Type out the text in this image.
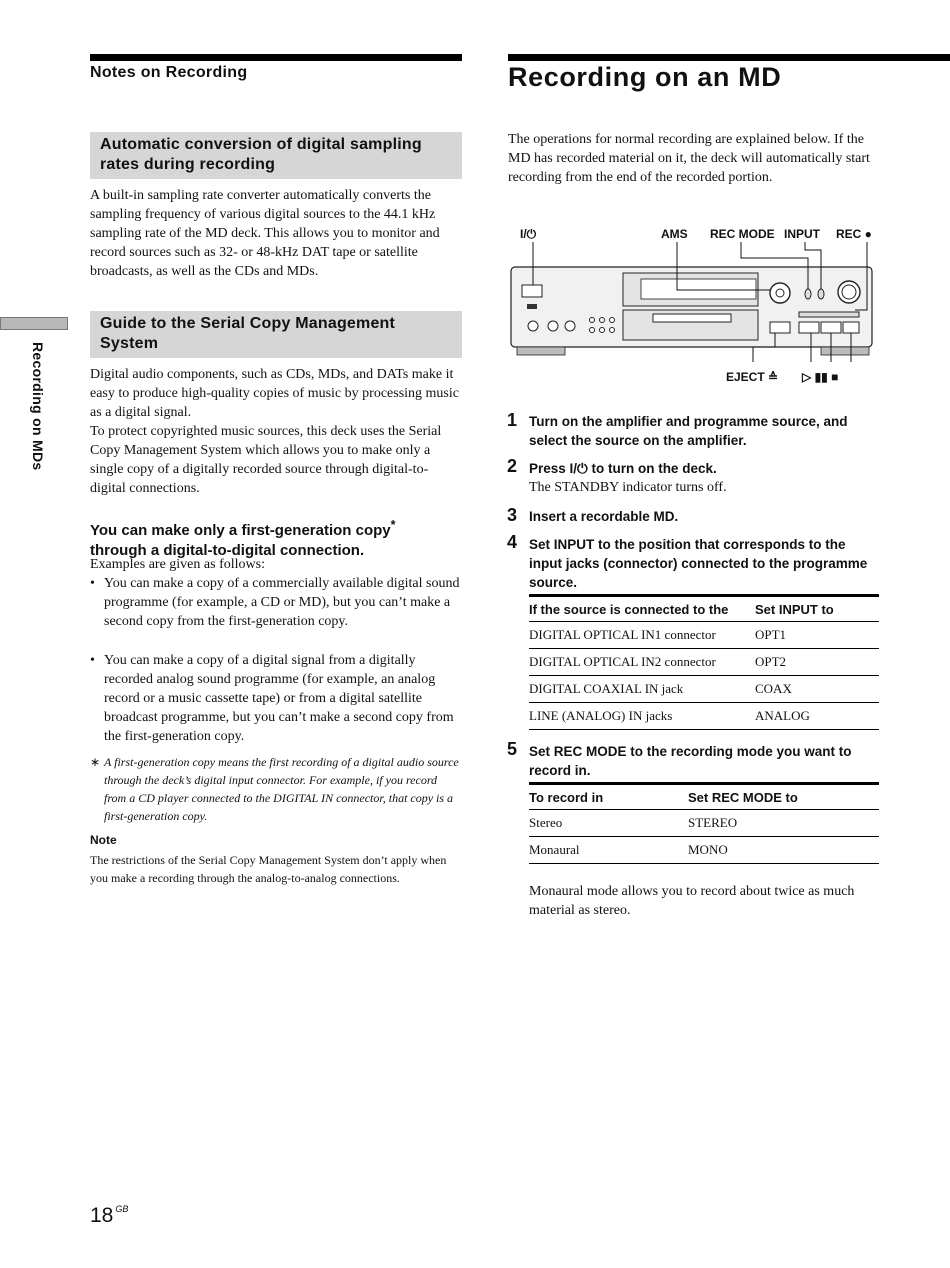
Notes on Recording
Automatic conversion of digital sampling rates during recording
A built-in sampling rate converter automatically converts the sampling frequency of various digital sources to the 44.1 kHz sampling rate of the MD deck. This allows you to monitor and record sources such as 32- or 48-kHz DAT tape or satellite broadcasts, as well as the CDs and MDs.
Guide to the Serial Copy Management System
Digital audio components, such as CDs, MDs, and DATs make it easy to produce high-quality copies of music by processing music as a digital signal.
To protect copyrighted music sources, this deck uses the Serial Copy Management System which allows you to make only a single copy of a digitally recorded source through digital-to-digital connections.
You can make only a first-generation copy*
through a digital-to-digital connection.
Examples are given as follows:
• You can make a copy of a commercially available digital sound programme (for example, a CD or MD), but you can’t make a second copy from the first-generation copy.
• You can make a copy of a digital signal from a digitally recorded analog sound programme (for example, an analog record or a music cassette tape) or from a digital satellite broadcast programme, but you can’t make a second copy from the first-generation copy.
∗ A first-generation copy means the first recording of a digital audio source through the deck’s digital input connector. For example, if you record from a CD player connected to the DIGITAL IN connector, that copy is a first-generation copy.
Note
The restrictions of the Serial Copy Management System don’t apply when you make a recording through the analog-to-analog connections.
Recording on MDs
Recording on an MD
The operations for normal recording are explained below. If the MD has recorded material on it, the deck will automatically start recording from the end of the recorded portion.
I/⏻	AMS REC MODE INPUT REC ●
EJECT ≙ ▷ ▮▮ ■
1 Turn on the amplifier and programme source, and select the source on the amplifier.
2 Press I/⏻ to turn on the deck.
The STANDBY indicator turns off.
3 Insert a recordable MD.
4 Set INPUT to the position that corresponds to the input jacks (connector) connected to the programme source.
If the source is connected to the	Set INPUT to
DIGITAL OPTICAL IN1 connector	OPT1
DIGITAL OPTICAL IN2 connector	OPT2
DIGITAL COAXIAL IN jack	COAX
LINE (ANALOG) IN jacks	ANALOG
5 Set REC MODE to the recording mode you want to record in.
To record in	Set REC MODE to
Stereo	STEREO
Monaural	MONO
Monaural mode allows you to record about twice as much material as stereo.
18 $^{GB}$
